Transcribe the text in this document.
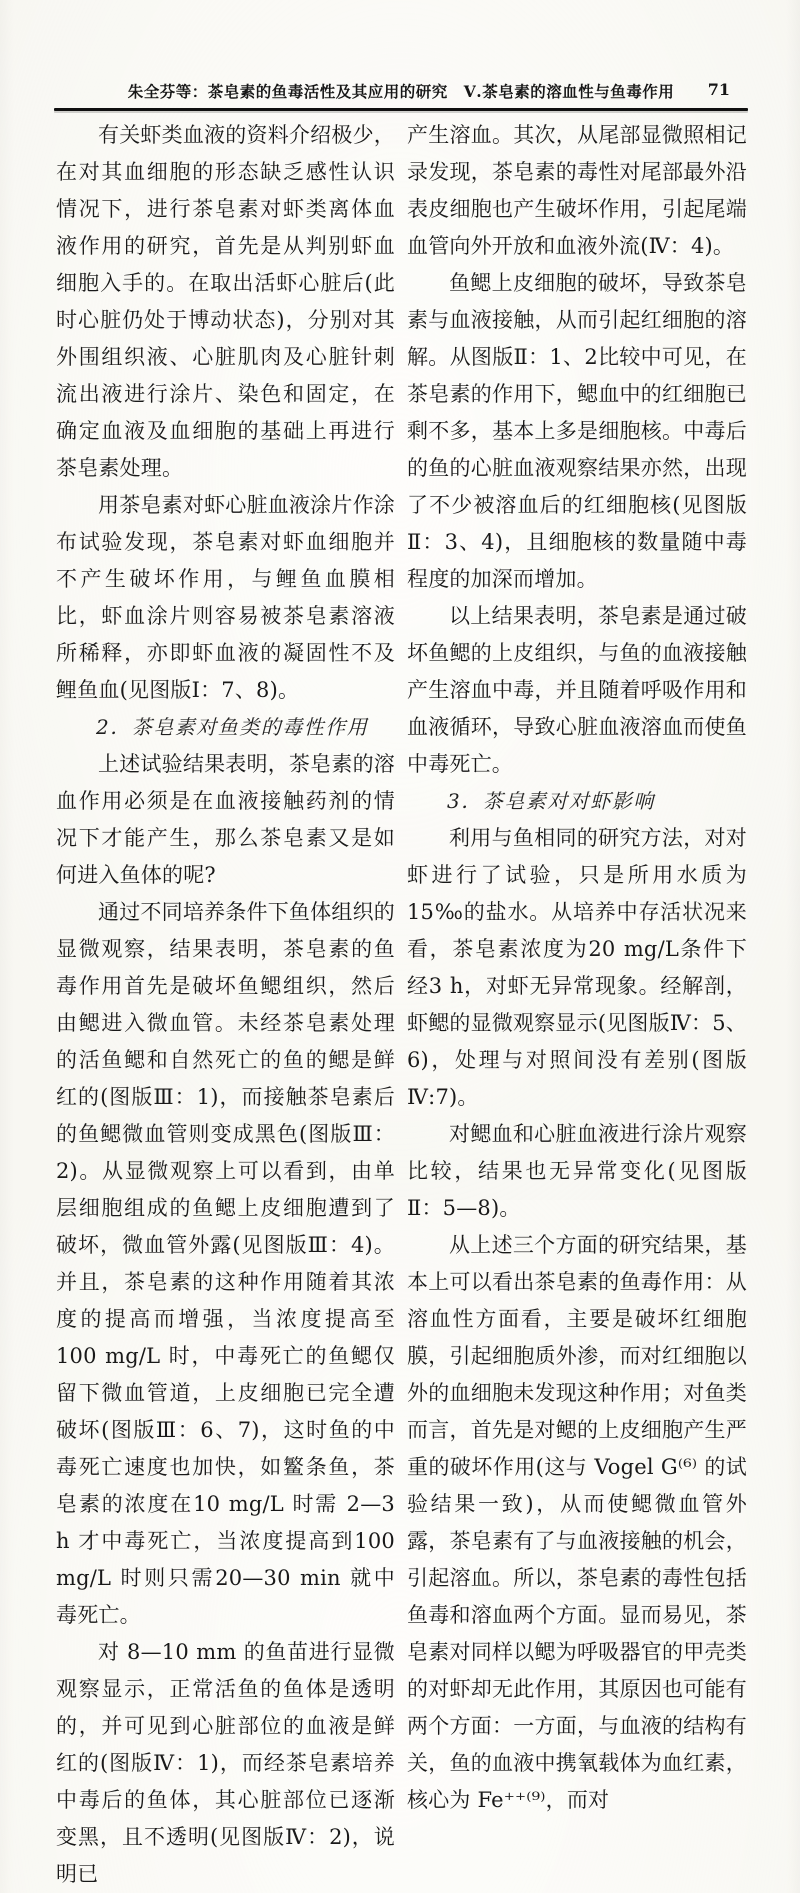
朱全芬等：茶皂素的鱼毒活性及其应用的研究　Ⅴ.茶皂素的溶血性与鱼毒作用	71

有关虾类血液的资料介绍极少，在对其血细胞的形态缺乏感性认识情况下，进行茶皂素对虾类离体血液作用的研究，首先是从判别虾血细胞入手的。在取出活虾心脏后(此时心脏仍处于博动状态)，分别对其外围组织液、心脏肌肉及心脏针刺流出液进行涂片、染色和固定，在确定血液及血细胞的基础上再进行茶皂素处理。

用茶皂素对虾心脏血液涂片作涂布试验发现，茶皂素对虾血细胞并不产生破坏作用，与鲤鱼血膜相比，虾血涂片则容易被茶皂素溶液所稀释，亦即虾血液的凝固性不及鲤鱼血(见图版Ⅰ：7、8)。

2．茶皂素对鱼类的毒性作用

上述试验结果表明，茶皂素的溶血作用必须是在血液接触药剂的情况下才能产生，那么茶皂素又是如何进入鱼体的呢?

通过不同培养条件下鱼体组织的显微观察，结果表明，茶皂素的鱼毒作用首先是破坏鱼鳃组织，然后由鳃进入微血管。未经茶皂素处理的活鱼鳃和自然死亡的鱼的鳃是鲜红的(图版Ⅲ：1)，而接触茶皂素后的鱼鳃微血管则变成黑色(图版Ⅲ：2)。从显微观察上可以看到，由单层细胞组成的鱼鳃上皮细胞遭到了破坏，微血管外露(见图版Ⅲ：4)。并且，茶皂素的这种作用随着其浓度的提高而增强，当浓度提高至 100 mg/L 时，中毒死亡的鱼鳃仅留下微血管道，上皮细胞已完全遭破坏(图版Ⅲ：6、7)，这时鱼的中毒死亡速度也加快，如鳘条鱼，茶皂素的浓度在10 mg/L 时需 2—3 h 才中毒死亡，当浓度提高到100 mg/L 时则只需20—30 min 就中毒死亡。

对 8—10 mm 的鱼苗进行显微观察显示，正常活鱼的鱼体是透明的，并可见到心脏部位的血液是鲜红的(图版Ⅳ：1)，而经茶皂素培养中毒后的鱼体，其心脏部位已逐渐变黑，且不透明(见图版Ⅳ：2)，说明已

产生溶血。其次，从尾部显微照相记录发现，茶皂素的毒性对尾部最外沿表皮细胞也产生破坏作用，引起尾端血管向外开放和血液外流(Ⅳ：4)。

鱼鳃上皮细胞的破坏，导致茶皂素与血液接触，从而引起红细胞的溶解。从图版Ⅱ：1、2比较中可见，在茶皂素的作用下，鳃血中的红细胞已剩不多，基本上多是细胞核。中毒后的鱼的心脏血液观察结果亦然，出现了不少被溶血后的红细胞核(见图版Ⅱ：3、4)，且细胞核的数量随中毒程度的加深而增加。

以上结果表明，茶皂素是通过破坏鱼鳃的上皮组织，与鱼的血液接触产生溶血中毒，并且随着呼吸作用和血液循环，导致心脏血液溶血而使鱼中毒死亡。

3．茶皂素对对虾影响

利用与鱼相同的研究方法，对对虾进行了试验，只是所用水质为15‰的盐水。从培养中存活状况来看，茶皂素浓度为20 mg/L条件下经3 h，对虾无异常现象。经解剖，虾鳃的显微观察显示(见图版Ⅳ：5、6)，处理与对照间没有差别(图版Ⅳ:7)。

对鳃血和心脏血液进行涂片观察比较，结果也无异常变化(见图版Ⅱ：5—8)。

从上述三个方面的研究结果，基本上可以看出茶皂素的鱼毒作用：从溶血性方面看，主要是破坏红细胞膜，引起细胞质外渗，而对红细胞以外的血细胞未发现这种作用；对鱼类而言，首先是对鳃的上皮细胞产生严重的破坏作用(这与 Vogel G⁽⁶⁾ 的试验结果一致)，从而使鳃微血管外露，茶皂素有了与血液接触的机会，引起溶血。所以，茶皂素的毒性包括鱼毒和溶血两个方面。显而易见，茶皂素对同样以鳃为呼吸器官的甲壳类的对虾却无此作用，其原因也可能有两个方面：一方面，与血液的结构有关，鱼的血液中携氧载体为血红素，核心为 Fe⁺⁺⁽⁹⁾，而对
